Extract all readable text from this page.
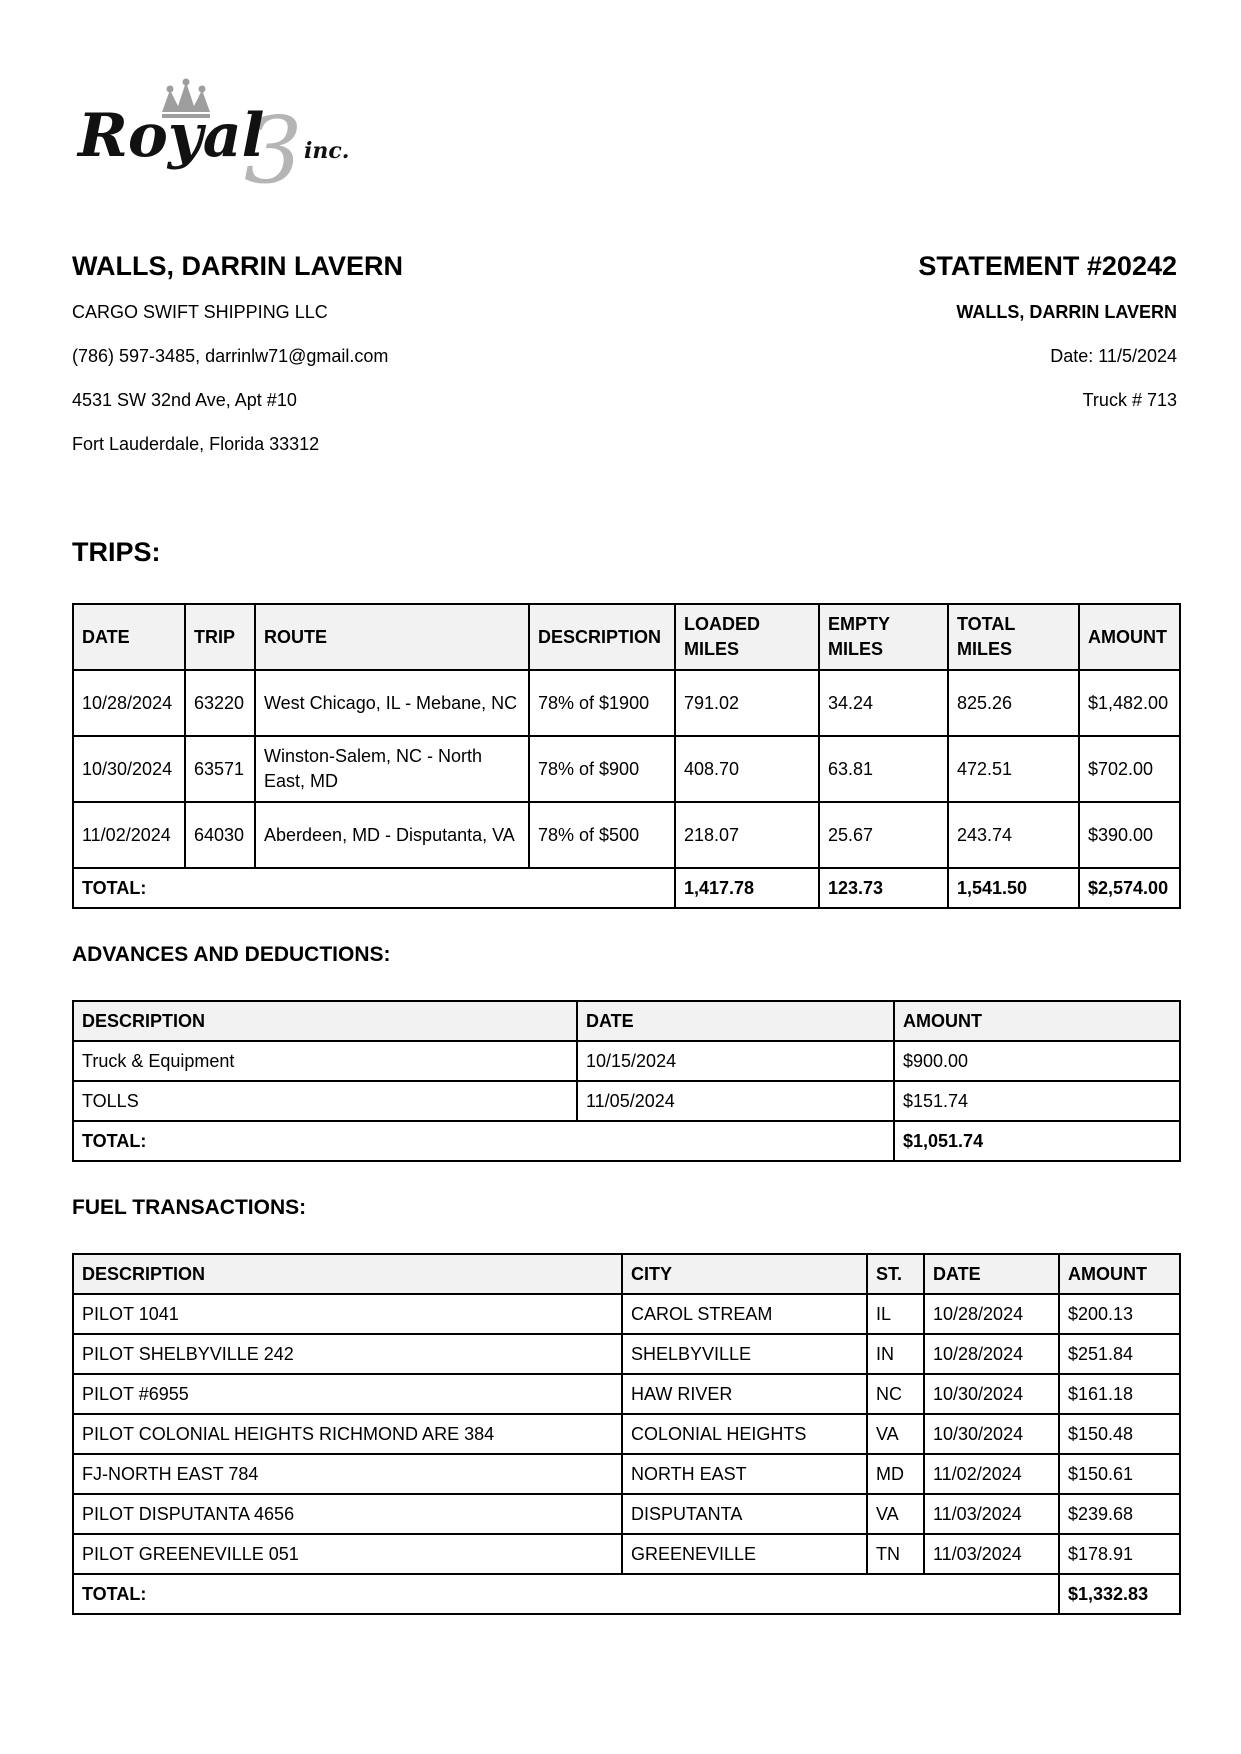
3
Royal inc.
WALLS, DARRIN LAVERN
CARGO SWIFT SHIPPING LLC
(786) 597-3485, darrinlw71@gmail.com
4531 SW 32nd Ave, Apt #10
Fort Lauderdale, Florida 33312
STATEMENT #20242
WALLS, DARRIN LAVERN
Date: 11/5/2024
Truck # 713
TRIPS:
DATE	TRIP	ROUTE	DESCRIPTION	LOADED MILES	EMPTY MILES	TOTAL MILES	AMOUNT
10/28/2024	63220	West Chicago, IL - Mebane, NC	78% of $1900	791.02	34.24	825.26	$1,482.00
10/30/2024	63571	Winston-Salem, NC - North East, MD	78% of $900	408.70	63.81	472.51	$702.00
11/02/2024	64030	Aberdeen, MD - Disputanta, VA	78% of $500	218.07	25.67	243.74	$390.00
TOTAL:				1,417.78	123.73	1,541.50	$2,574.00
ADVANCES AND DEDUCTIONS:
DESCRIPTION	DATE	AMOUNT
Truck & Equipment	10/15/2024	$900.00
TOLLS	11/05/2024	$151.74
TOTAL:		$1,051.74
FUEL TRANSACTIONS:
DESCRIPTION	CITY	ST.	DATE	AMOUNT
PILOT 1041	CAROL STREAM	IL	10/28/2024	$200.13
PILOT SHELBYVILLE 242	SHELBYVILLE	IN	10/28/2024	$251.84
PILOT #6955	HAW RIVER	NC	10/30/2024	$161.18
PILOT COLONIAL HEIGHTS RICHMOND ARE 384	COLONIAL HEIGHTS	VA	10/30/2024	$150.48
FJ-NORTH EAST 784	NORTH EAST	MD	11/02/2024	$150.61
PILOT DISPUTANTA 4656	DISPUTANTA	VA	11/03/2024	$239.68
PILOT GREENEVILLE 051	GREENEVILLE	TN	11/03/2024	$178.91
TOTAL:				$1,332.83
